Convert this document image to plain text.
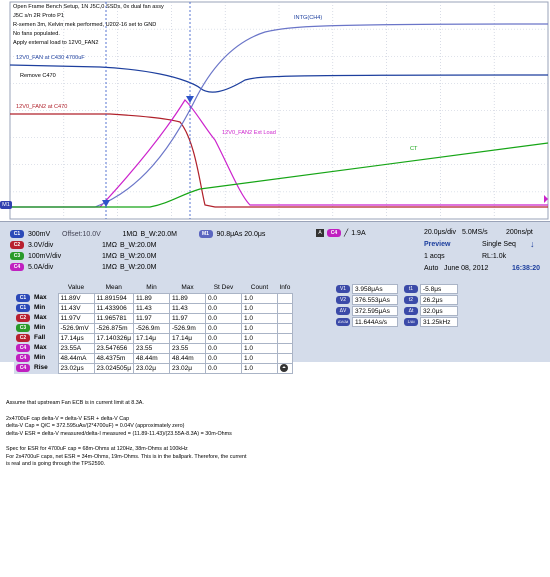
Open Frame Bench Setup, 1N J5C,0 SSDs, 0x dual fan assy
J5C s/n 2R Proto P1
R-semen 3m, Kelvin mek performed, U202-16 set to GND
No fans populated.
Apply external load to 12V0_FAN2
12V0_FAN at C430 4700uF
Remove C470
12V0_FAN2 at C470
INTG(CH4)
12V0_FAN2 Ext Load
CT
M1
C1	300mV	Offset: 10.0V	1MΩ B_W:20.0M	M1	90.8μAs 20.0μs
C2	3.0V/div	1MΩ B_W:20.0M
C3	100mV/div	1MΩ B_W:20.0M
C4	5.0A/div	1MΩ B_W:20.0M
A	C4 ╱ 1.9A	20.0μs/div 5.0MS/s	200ns/pt
Preview	Single Seq ↓
1 acqs	RL:1.0k
Auto June 08, 2012	16:38:20
V1	3.958μAs
V2	376.553μAs
ΔV	372.595μAs
ΔV/Δt	11.644As/s
t1	-5.8μs
t2	26.2μs
Δt	32.0μs
1/Δt	31.25kHz
	Value	Mean	Min	Max	St Dev	Count	Info
C1 Max	11.89V	11.891594	11.89	11.89	0.0	1.0	
C1 Min	11.43V	11.433906	11.43	11.43	0.0	1.0	
C2 Max	11.97V	11.965781	11.97	11.97	0.0	1.0	
C3 Min	-526.9mV	-526.875m	-526.9m	-526.9m	0.0	1.0	
C2 Fall	17.14μs	17.140326μ	17.14μ	17.14μ	0.0	1.0	
C4 Max	23.55A	23.547656	23.55	23.55	0.0	1.0	
C4 Min	48.44mA	48.4375m	48.44m	48.44m	0.0	1.0	
C4 Rise	23.02μs	23.024505μ	23.02μ	23.02μ	0.0	1.0	⏶
Assume that upstream Fan ECB is in current limit at 8.3A.
2x4700uF cap delta-V = delta-V ESR + delta-V Cap
delta-V Cap = Q/C = 372.595uAs/(2*4700uF) = 0.04V (approximately zero)
delta-V ESR = delta-V measured/delta-I measured = (11.89-11.43)/(23.55A-8.3A) = 30m-Ohms
Spec for ESR for 4700uF cap = 68m-Ohms at 120Hz, 38m-Ohms at 100kHz
For 2x4700uF caps, net ESR = 34m-Ohms, 19m-Ohms. This is in the ballpark. Therefore, the current
is real and is going through the TPS2590.
